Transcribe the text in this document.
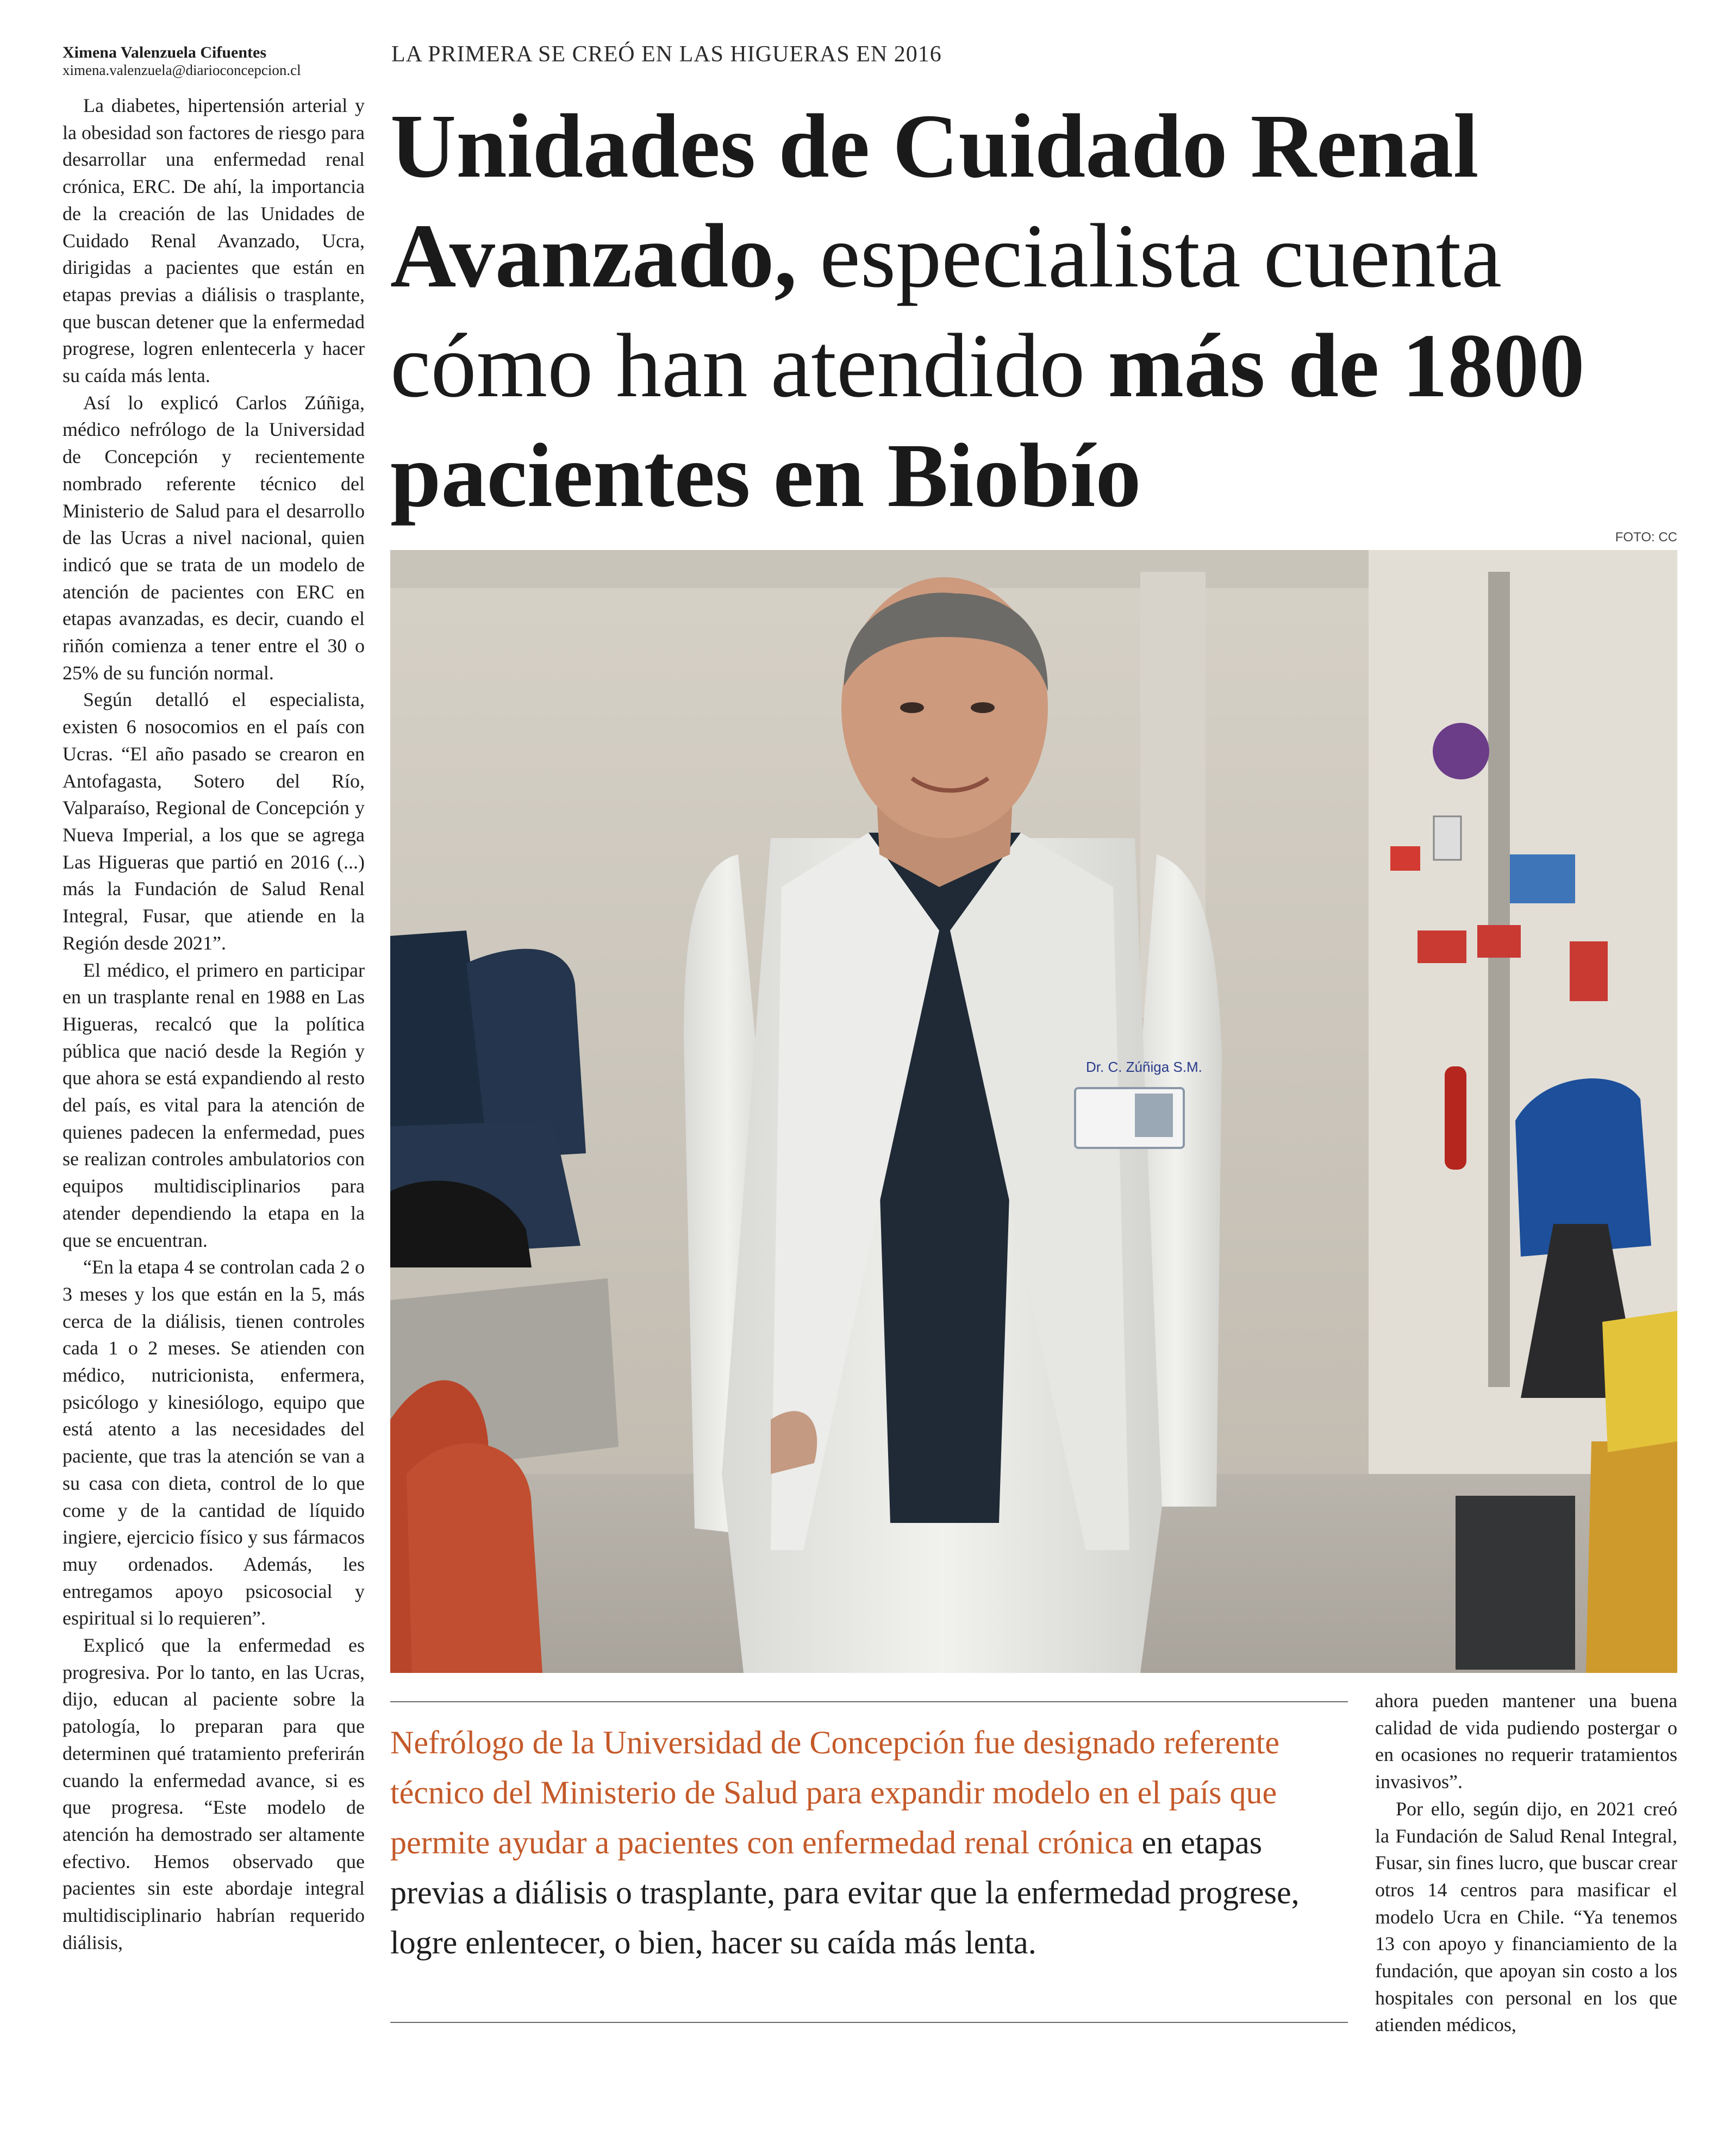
Ximena Valenzuela Cifuentes
ximena.valenzuela@diarioconcepcion.cl

La diabetes, hipertensión arterial y la obesidad son factores de riesgo para desarrollar una enfermedad renal crónica, ERC. De ahí, la importancia de la creación de las Unidades de Cuidado Renal Avanzado, Ucra, dirigidas a pacientes que están en etapas previas a diálisis o trasplante, que buscan detener que la enfermedad progrese, logren enlentecerla y hacer su caída más lenta.

Así lo explicó Carlos Zúñiga, médico nefrólogo de la Universidad de Concepción y recientemente nombrado referente técnico del Ministerio de Salud para el desarrollo de las Ucras a nivel nacional, quien indicó que se trata de un modelo de atención de pacientes con ERC en etapas avanzadas, es decir, cuando el riñón comienza a tener entre el 30 o 25% de su función normal.

Según detalló el especialista, existen 6 nosocomios en el país con Ucras. “El año pasado se crearon en Antofagasta, Sotero del Río, Valparaíso, Regional de Concepción y Nueva Imperial, a los que se agrega Las Higueras que partió en 2016 (...) más la Fundación de Salud Renal Integral, Fusar, que atiende en la Región desde 2021”.

El médico, el primero en participar en un trasplante renal en 1988 en Las Higueras, recalcó que la política pública que nació desde la Región y que ahora se está expandiendo al resto del país, es vital para la atención de quienes padecen la enfermedad, pues se realizan controles ambulatorios con equipos multidisciplinarios para atender dependiendo la etapa en la que se encuentran.

“En la etapa 4 se controlan cada 2 o 3 meses y los que están en la 5, más cerca de la diálisis, tienen controles cada 1 o 2 meses. Se atienden con médico, nutricionista, enfermera, psicólogo y kinesiólogo, equipo que está atento a las necesidades del paciente, que tras la atención se van a su casa con dieta, control de lo que come y de la cantidad de líquido ingiere, ejercicio físico y sus fármacos muy ordenados. Además, les entregamos apoyo psicosocial y espiritual si lo requieren”.

Explicó que la enfermedad es progresiva. Por lo tanto, en las Ucras, dijo, educan al paciente sobre la patología, lo preparan para que determinen qué tratamiento preferirán cuando la enfermedad avance, si es que progresa. “Este modelo de atención ha demostrado ser altamente efectivo. Hemos observado que pacientes sin este abordaje integral multidisciplinario habrían requerido diálisis,

LA PRIMERA SE CREÓ EN LAS HIGUERAS EN 2016
Unidades de Cuidado Renal Avanzado, especialista cuenta cómo han atendido más de 1800 pacientes en Biobío
FOTO: CC
Dr. C. Zúñiga S.M.
Nefrólogo de la Universidad de Concepción fue designado referente técnico del Ministerio de Salud para expandir modelo en el país que permite ayudar a pacientes con enfermedad renal crónica en etapas previas a diálisis o trasplante, para evitar que la enfermedad progrese, logre enlentecer, o bien, hacer su caída más lenta.

ahora pueden mantener una buena calidad de vida pudiendo postergar o en ocasiones no requerir tratamientos invasivos”.

Por ello, según dijo, en 2021 creó la Fundación de Salud Renal Integral, Fusar, sin fines lucro, que buscar crear otros 14 centros para masificar el modelo Ucra en Chile. “Ya tenemos 13 con apoyo y financiamiento de la fundación, que apoyan sin costo a los hospitales con personal en los que atienden médicos,
